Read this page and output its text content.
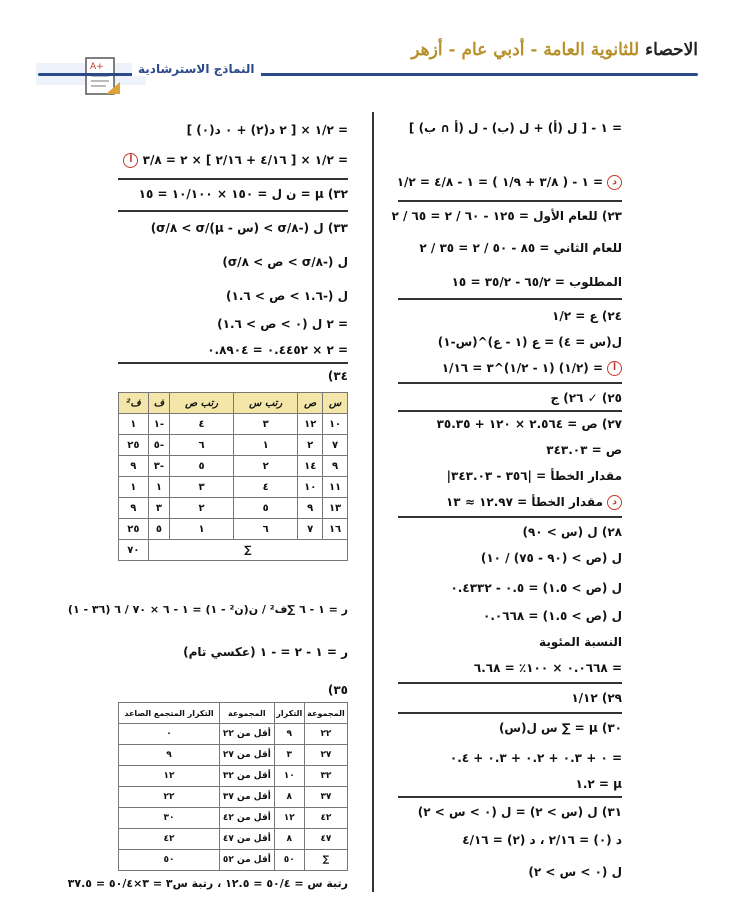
A+
الاحصاء للثانوية العامة - أدبي عام - أزهر
النماذج الاسترشادية
= ١ - [ ل (أ) + ل (ب) - ل (أ ∩ ب) ]
د= ١ - ( ٣/٨ + ١/٩ ) = ١ - ٤/٨ = ١/٢
٢٣) للعام الأول = ١٢٥ - ٦٠ / ٢ = ٦٥ / ٢
للعام الثاني = ٨٥ - ٥٠ / ٢ = ٣٥ / ٢
المطلوب = ٦٥/٢ - ٣٥/٢ = ١٥
٢٤) ع = ١/٢
ل(س = ٤) = ع (١ - ع)^(س-١)
أ= (١/٢) (١ - ١/٢)^٣ = ١/١٦
٢٥) ✓ ٢٦) ج
٢٧) ص = ٢.٥٦٤ × ١٢٠ + ٣٥.٣٥
ص = ٣٤٣.٠٣
مقدار الخطأ = |٣٥٦ - ٣٤٣.٠٣|
دمقدار الخطأ = ١٢.٩٧ ≈ ١٣
٢٨) ل (س > ٩٠)
ل (ص > (٩٠ - ٧٥) / ١٠)
ل (ص > ١.٥) = ٠.٥ - ٠.٤٣٣٢
ل (ص > ١.٥) = ٠.٠٦٦٨
النسبة المئوية
= ٠.٠٦٦٨ × ١٠٠٪ = ٦.٦٨
٢٩) ١/١٢
٣٠) μ = ∑ س ل(س)
= ٠ + ٠.٣ + ٠.٢ + ٠.٣ + ٠.٤
μ = ١.٢
٣١) ل (س > ٢) = ل (٠ > س > ٢)
د (٠) = ٢/١٦ ، د (٢) = ٤/١٦
ل (٠ > س > ٢)
= ١/٢ × [ ٢ د(٢) + ٠ د(٠) ]
= ١/٢ × [ ٤/١٦ + ٢/١٦ ] × ٢ = ٣/٨ أ
٣٢) μ = ن ل = ١٥٠ × ١٠/١٠٠ = ١٥
٣٣) ل (-٨/σ > (س - μ)/σ > ٨/σ)
ل (-٨/σ > ص > ٨/σ)
ل (-١.٦ > ص > ١.٦)
= ٢ ل (٠ > ص > ١.٦)
= ٢ × ٠.٤٤٥٢ = ٠.٨٩٠٤
٣٤)
س	ص	رتب س	رتب ص	ف	ف²
١٠	١٢	٣	٤	-١	١
٧	٢	١	٦	-٥	٢٥
٩	١٤	٢	٥	-٣	٩
١١	١٠	٤	٣	١	١
١٣	٩	٥	٢	٣	٩
١٦	٧	٦	١	٥	٢٥
∑					٧٠
ر = ١ - ٦ ∑ف² / ن(ن² - ١) = ١ - ٦ × ٧٠ / ٦ (٣٦ - ١)
ر = ١ - ٢ = - ١ (عكسي تام)
٣٥)
المجموعة	التكرار	المجموعة	التكرار المتجمع الصاعد
٢٢	٩	أقل من ٢٢	٠
٢٧	٣	أقل من ٢٧	٩
٣٢	١٠	أقل من ٣٢	١٢
٣٧	٨	أقل من ٣٧	٢٢
٤٢	١٢	أقل من ٤٢	٣٠
٤٧	٨	أقل من ٤٧	٤٢
∑	٥٠	أقل من ٥٢	٥٠
رتبة س = ٥٠/٤ = ١٢.٥ ، رتبة س٣ = ٣×٥٠/٤ = ٣٧.٥
